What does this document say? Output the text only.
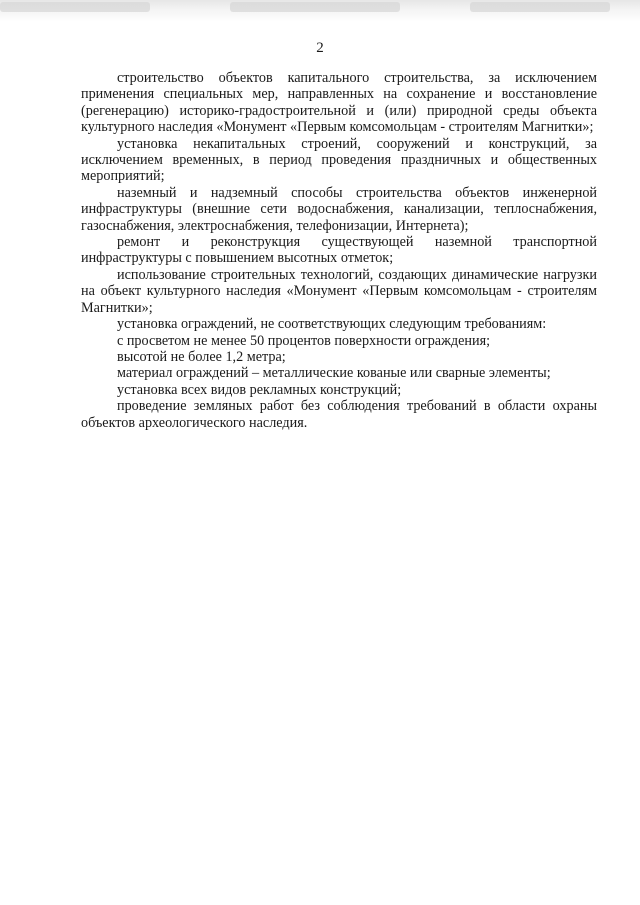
2

строительство объектов капитального строительства, за исключением применения специальных мер, направленных на сохранение и восстановление (регенерацию) историко-градостроительной и (или) природной среды объекта культурного наследия «Монумент «Первым комсомольцам - строителям Магнитки»;

установка некапитальных строений, сооружений и конструкций, за исключением временных, в период проведения праздничных и общественных мероприятий;

наземный и надземный способы строительства объектов инженерной инфраструктуры (внешние сети водоснабжения, канализации, теплоснабжения, газоснабжения, электроснабжения, телефонизации, Интернета);

ремонт и реконструкция существующей наземной транспортной инфраструктуры с повышением высотных отметок;

использование строительных технологий, создающих динамические нагрузки на объект культурного наследия «Монумент «Первым комсомольцам - строителям Магнитки»;

установка ограждений, не соответствующих следующим требованиям:

с просветом не менее 50 процентов поверхности ограждения;

высотой не более 1,2 метра;

материал ограждений – металлические кованые или сварные элементы;

установка всех видов рекламных конструкций;

проведение земляных работ без соблюдения требований в области охраны объектов археологического наследия.
